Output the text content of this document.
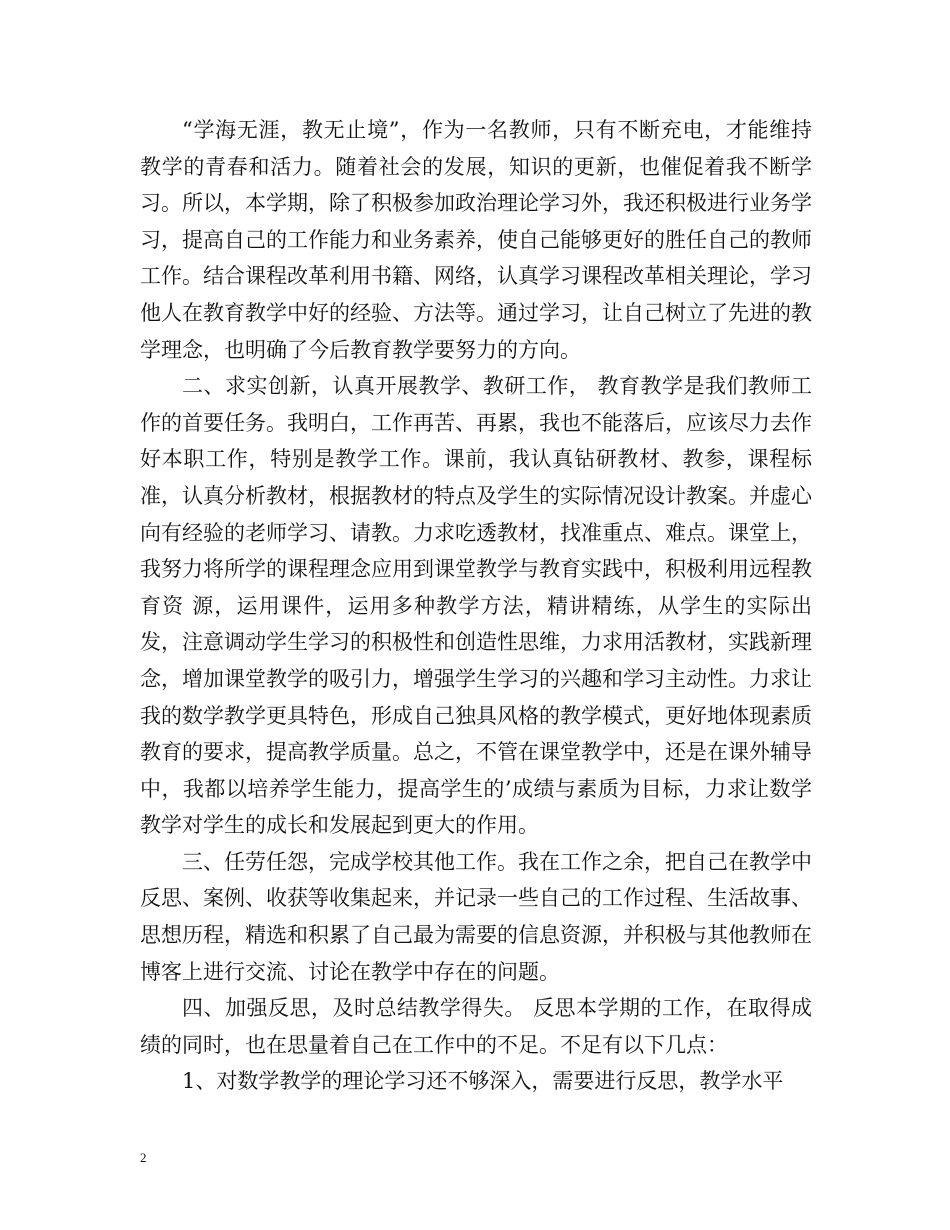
“学海无涯，教无止境”，作为一名教师，只有不断充电，才能维持教学的青春和活力。随着社会的发展，知识的更新，也催促着我不断学习。所以，本学期，除了积极参加政治理论学习外，我还积极进行业务学习，提高自己的工作能力和业务素养，使自己能够更好的胜任自己的教师工作。结合课程改革利用书籍、网络，认真学习课程改革相关理论，学习他人在教育教学中好的经验、方法等。通过学习，让自己树立了先进的教学理念，也明确了今后教育教学要努力的方向。

二、求实创新，认真开展教学、教研工作， 教育教学是我们教师工作的首要任务。我明白，工作再苦、再累，我也不能落后，应该尽力去作好本职工作，特别是教学工作。课前，我认真钻研教材、教参，课程标准，认真分析教材，根据教材的特点及学生的实际情况设计教案。并虚心向有经验的老师学习、请教。力求吃透教材，找准重点、难点。课堂上，我努力将所学的课程理念应用到课堂教学与教育实践中，积极利用远程教育资 源，运用课件，运用多种教学方法，精讲精练，从学生的实际出发，注意调动学生学习的积极性和创造性思维，力求用活教材，实践新理念，增加课堂教学的吸引力，增强学生学习的兴趣和学习主动性。力求让我的数学教学更具特色，形成自己独具风格的教学模式，更好地体现素质教育的要求，提高教学质量。总之，不管在课堂教学中，还是在课外辅导中，我都以培养学生能力，提高学生的’成绩与素质为目标，力求让数学教学对学生的成长和发展起到更大的作用。

三、任劳任怨，完成学校其他工作。我在工作之余，把自己在教学中反思、案例、收获等收集起来，并记录一些自己的工作过程、生活故事、思想历程，精选和积累了自己最为需要的信息资源，并积极与其他教师在博客上进行交流、讨论在教学中存在的问题。

四、加强反思，及时总结教学得失。 反思本学期的工作，在取得成绩的同时，也在思量着自己在工作中的不足。不足有以下几点：

1、对数学教学的理论学习还不够深入，需要进行反思，教学水平

2
